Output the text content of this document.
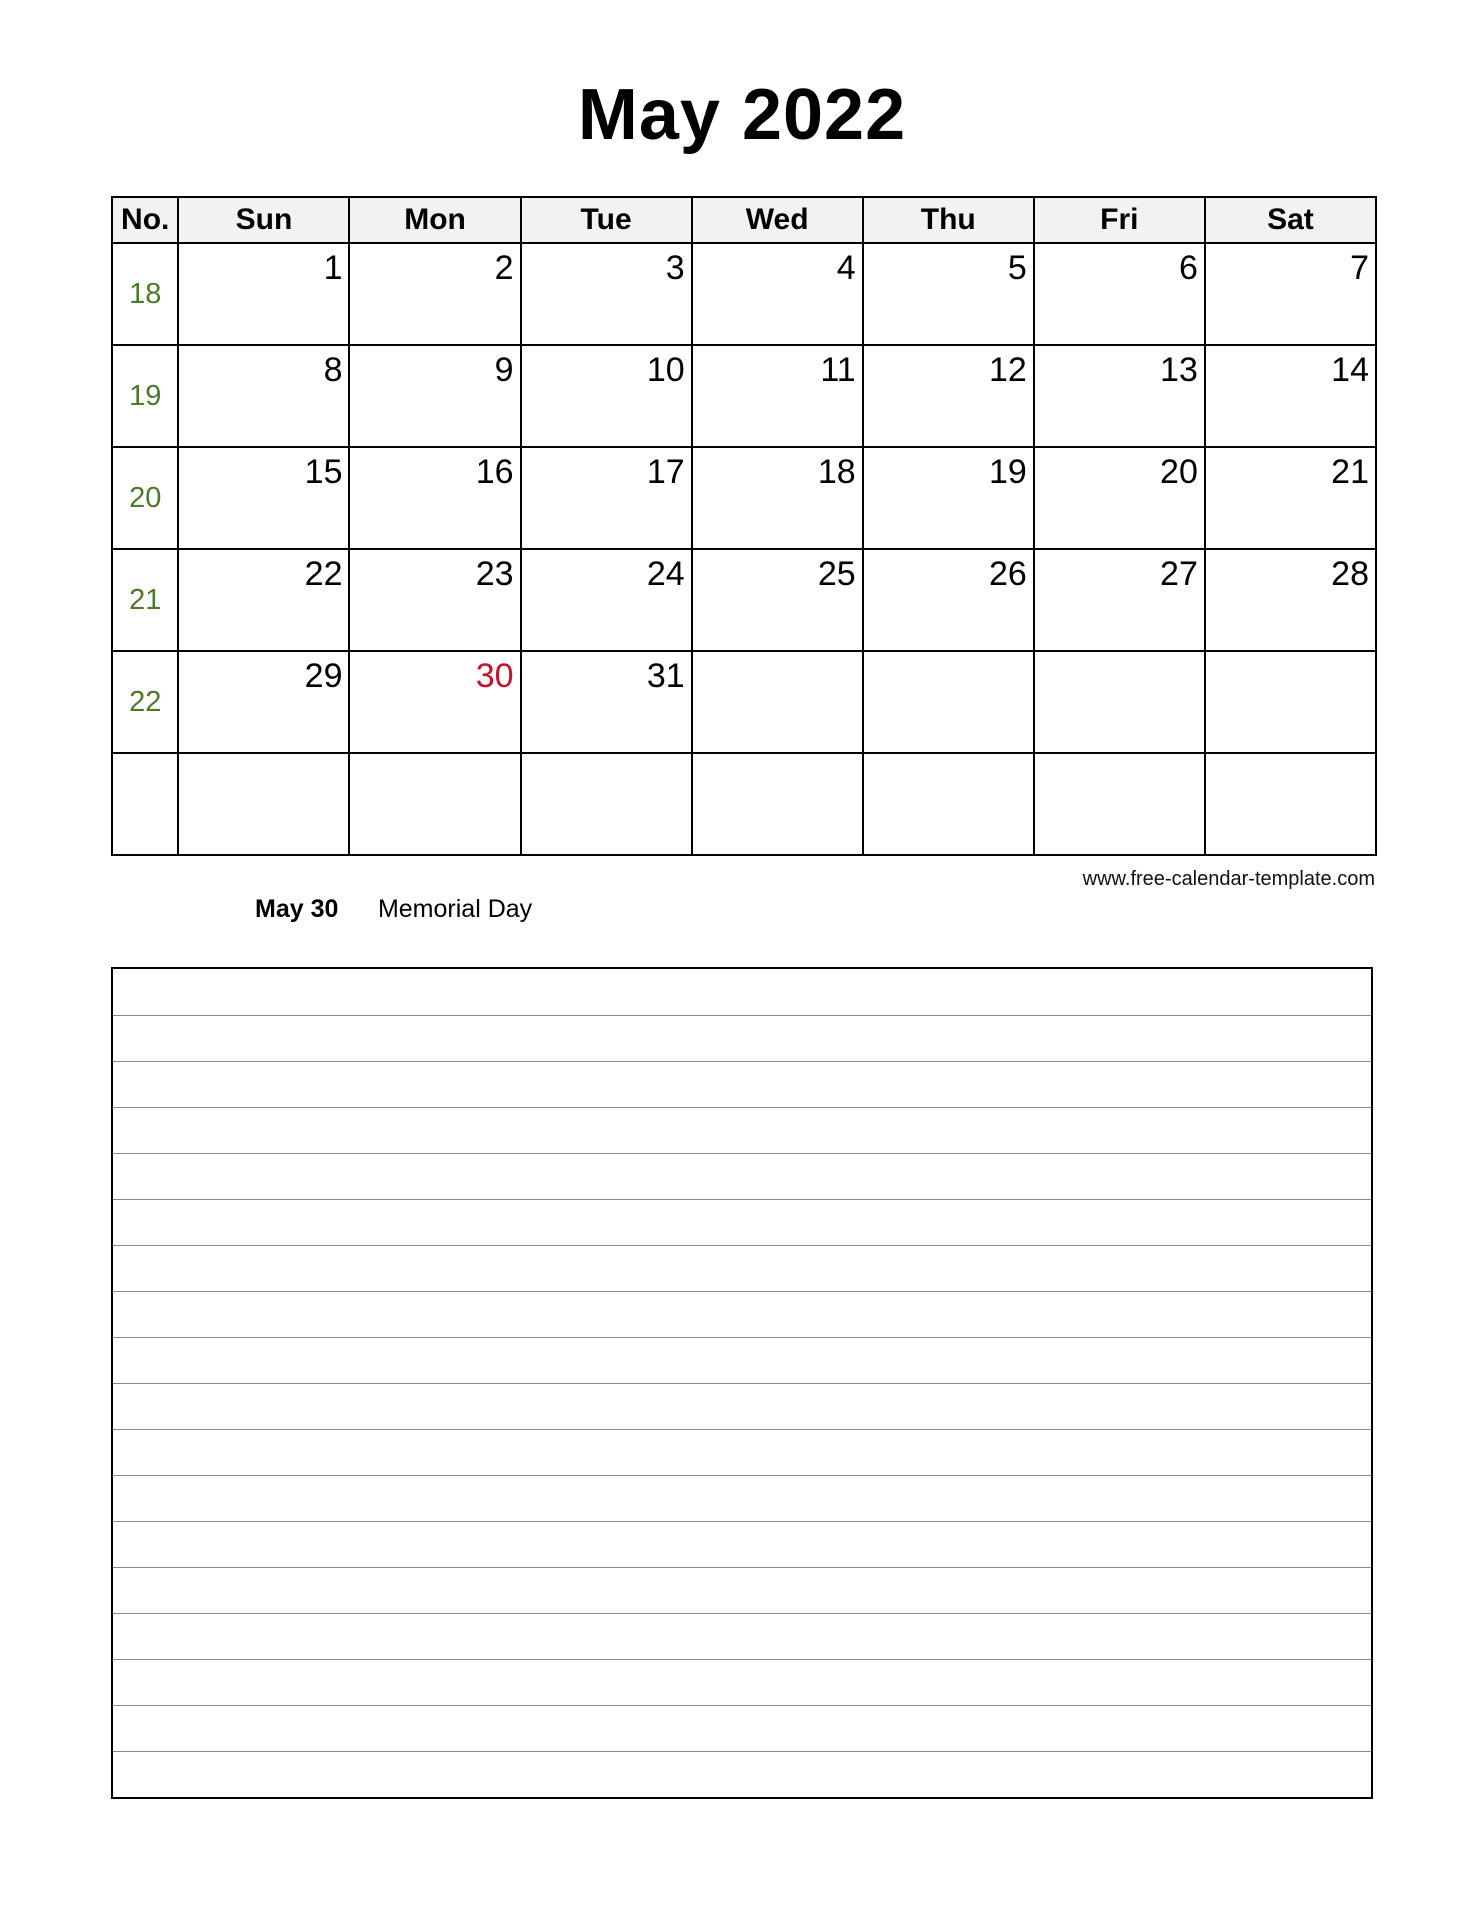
May 2022
No.	Sun	Mon	Tue	Wed	Thu	Fri	Sat

18	1	2	3	4	5	6	7

19	8	9	10	11	12	13	14

20	15	16	17	18	19	20	21

21	22	23	24	25	26	27	28

22	29	30	31				

www.free-calendar-template.com
May 30 Memorial Day
